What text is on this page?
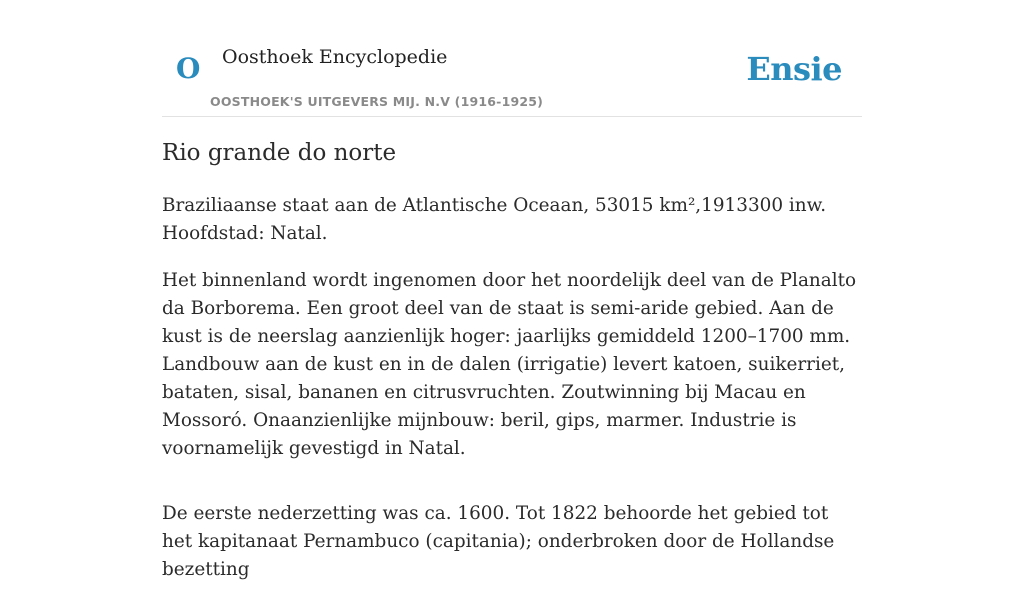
O Oosthoek Encyclopedie
OOSTHOEK'S UITGEVERS MIJ. N.V (1916-1925)
Ensie
Rio grande do norte

Braziliaanse staat aan de Atlantische Oceaan, 53015 km²,1913300 inw. Hoofdstad: Natal.

Het binnenland wordt ingenomen door het noordelijk deel van de Planalto da Borborema. Een groot deel van de staat is semi-aride gebied. Aan de kust is de neerslag aanzienlijk hoger: jaarlijks gemiddeld 1200–1700 mm. Landbouw aan de kust en in de dalen (irrigatie) levert katoen, suikerriet, bataten, sisal, bananen en citrusvruchten. Zoutwinning bij Macau en Mossoró. Onaanzienlijke mijnbouw: beril, gips, marmer. Industrie is voornamelijk gevestigd in Natal.

De eerste nederzetting was ca. 1600. Tot 1822 behoorde het gebied tot het kapitanaat Pernambuco (capitania); onderbroken door de Hollandse bezetting
